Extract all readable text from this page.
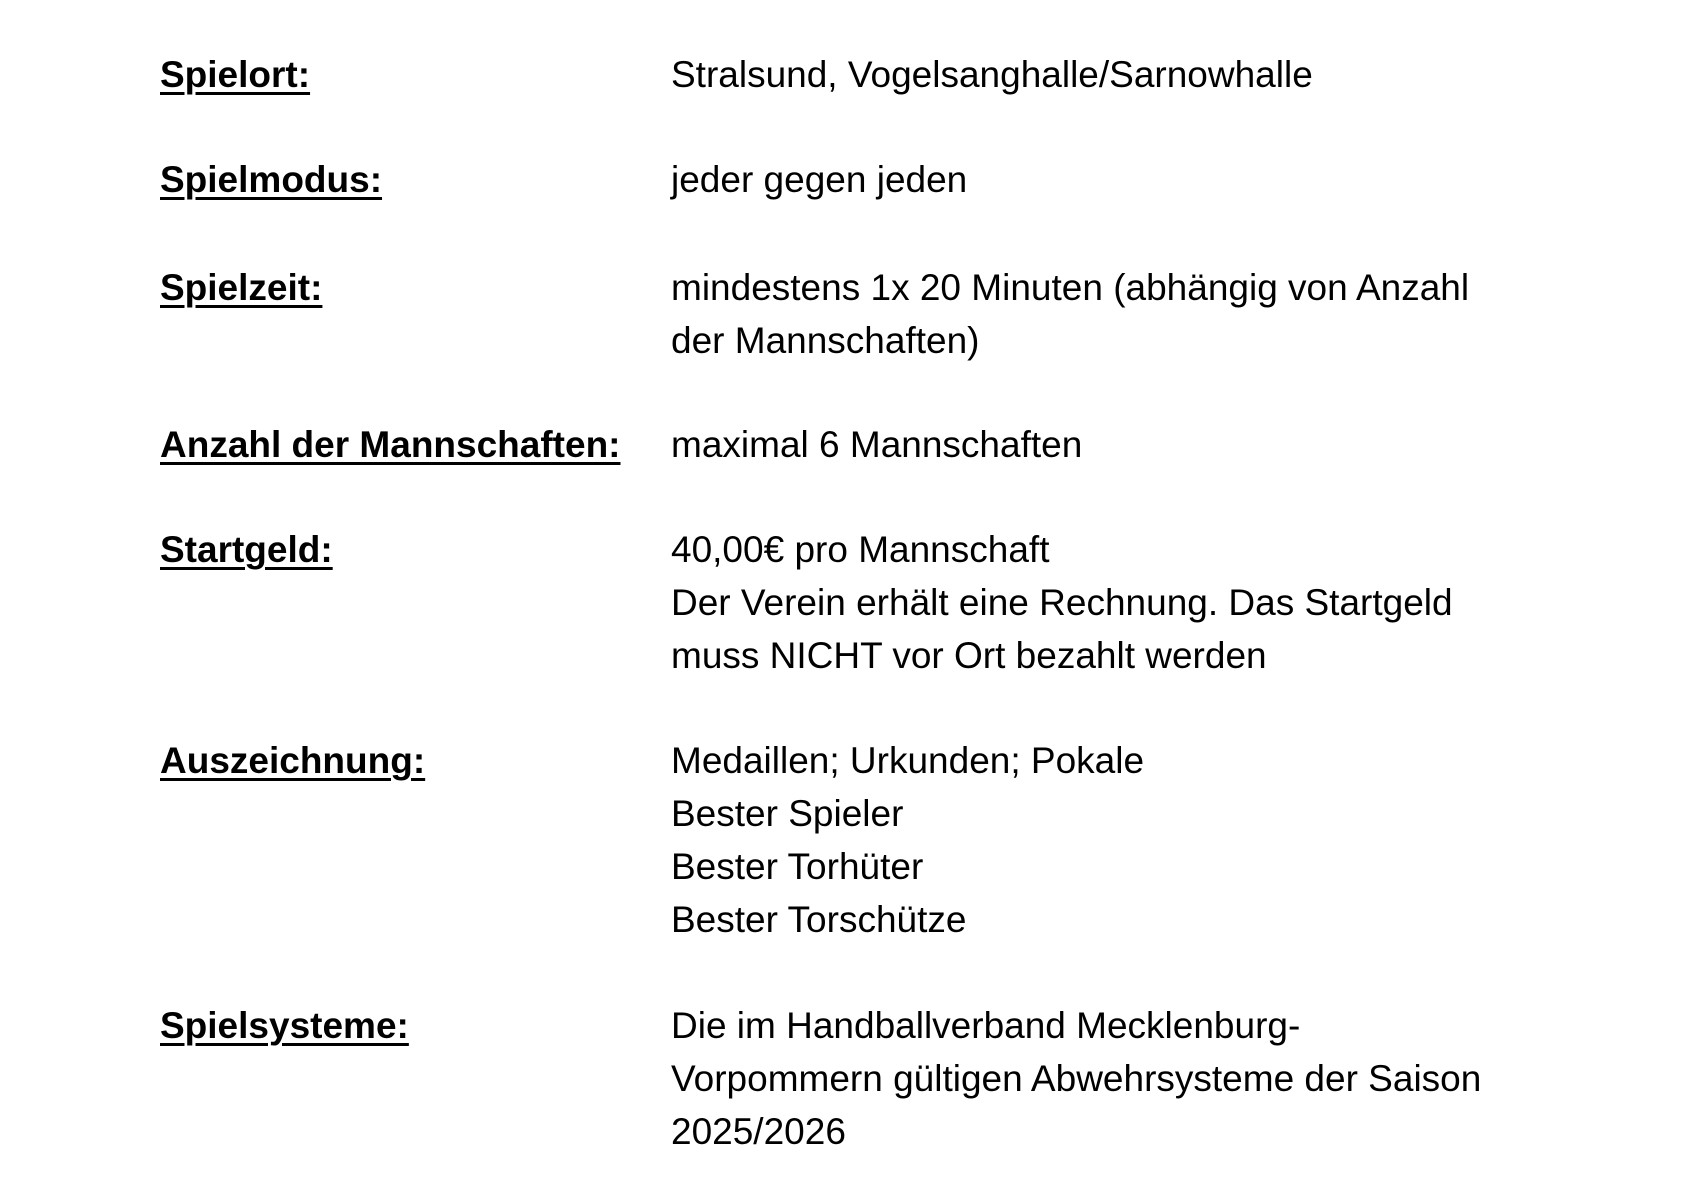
Spielort:	Stralsund, Vogelsanghalle/Sarnowhalle
Spielmodus:	jeder gegen jeden
Spielzeit:	mindestens 1x 20 Minuten (abhängig von Anzahl
der Mannschaften)
Anzahl der Mannschaften: maximal 6 Mannschaften
Startgeld:	40,00€ pro Mannschaft
Der Verein erhält eine Rechnung. Das Startgeld
muss NICHT vor Ort bezahlt werden
Auszeichnung:	Medaillen; Urkunden; Pokale
Bester Spieler
Bester Torhüter
Bester Torschütze
Spielsysteme:	Die im Handballverband Mecklenburg-
Vorpommern gültigen Abwehrsysteme der Saison
2025/2026
